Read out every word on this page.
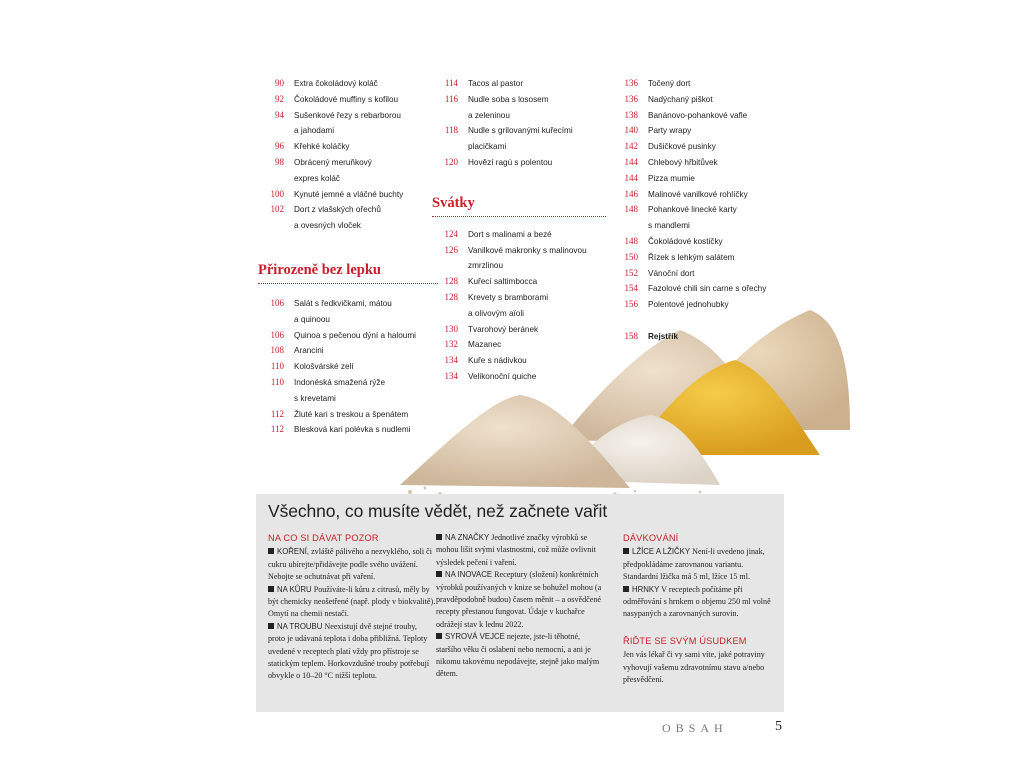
90	Extra čokoládový koláč
92	Čokoládové muffiny s kofilou
94	Sušenkové řezy s rebarborou
a jahodami
96	Křehké koláčky
98	Obrácený meruňkový
expres koláč
100	Kynuté jemné a vláčné buchty
102	Dort z vlašských ořechů
a ovesných vloček
Přirozeně bez lepku
106	Salát s ředkvičkami, mátou
a quinoou
106	Quinoa s pečenou dýní a haloumi
108	Arancini
110	Kološvárské zelí
110	Indonéská smažená rýže
s krevetami
112	Žluté kari s treskou a špenátem
112	Blesková kari polévka s nudlemi
114	Tacos al pastor
116	Nudle soba s lososem
a zeleninou
118	Nudle s grilovanými kuřecími
placičkami
120	Hovězí ragú s polentou
Svátky
124	Dort s malinami a bezé
126	Vanilkové makronky s malinovou
zmrzlinou
128	Kuřecí saltimbocca
128	Krevety s bramborami
a olivovým aïoli
130	Tvarohový beránek
132	Mazanec
134	Kuře s nádivkou
134	Velikonoční quiche
136	Točený dort
136	Nadýchaný piškot
138	Banánovo-pohankové vafle
140	Party wrapy
142	Dušičkové pusinky
144	Chlebový hřbitůvek
144	Pizza mumie
146	Malinové vanilkové rohlíčky
148	Pohankové linecké karty
s mandlemi
148	Čokoládové kostičky
150	Řízek s lehkým salátem
152	Vánoční dort
154	Fazolové chili sin carne s ořechy
156	Polentové jednohubky

158	Rejstřík
Všechno, co musíte vědět, než začnete vařit
NA CO SI DÁVAT POZOR

KOŘENÍ, zvláště pálivého a nezvyklého, soli či cukru ubírejte/přidávejte podle svého uvážení. Nebojte se ochutnávat při vaření.

NA KŮRU Používáte-li kůru z citrusů, měly by být chemicky neošetřené (např. plody v biokvalitě). Omytí na chemii nestačí.

NA TROUBU Neexistují dvě stejné trouby, proto je udávaná teplota i doba přibližná. Teploty uvedené v receptech platí vždy pro přístroje se statickým teplem. Horkovzdušné trouby potřebují obvykle o 10–20 °C nižší teplotu.

NA ZNAČKY Jednotlivé značky výrobků se mohou lišit svými vlastnostmi, což může ovlivnit výsledek pečení i vaření.

NA INOVACE Recepturу (složení) konkrétních výrobků používaných v knize se bohužel mohou (a pravděpodobně budou) časem měnit – a osvědčené recepty přestanou fungovat. Údaje v kuchařce odrážejí stav k lednu 2022.

SYROVÁ VEJCE nejezte, jste-li těhotné, staršího věku či oslabení nebo nemocní, a ani je nikomu takovému nepodávejte, stejně jako malým dětem.

DÁVKOVÁNÍ

LŽÍCE A LŽIČKY Není-li uvedeno jinak, předpokládáme zarovnanou variantu. Standardní lžička má 5 ml, lžíce 15 ml.

HRNKY V receptech počítáme při odměřování s hrnkem o objemu 250 ml volně nasypaných a zarovnaných surovin.

ŘIĎTE SE SVÝM ÚSUDKEM

Jen vás lékař či vy sami víte, jaké potraviny vyhovují vašemu zdravotnímu stavu a/nebo přesvědčení.

OBSAH	5
